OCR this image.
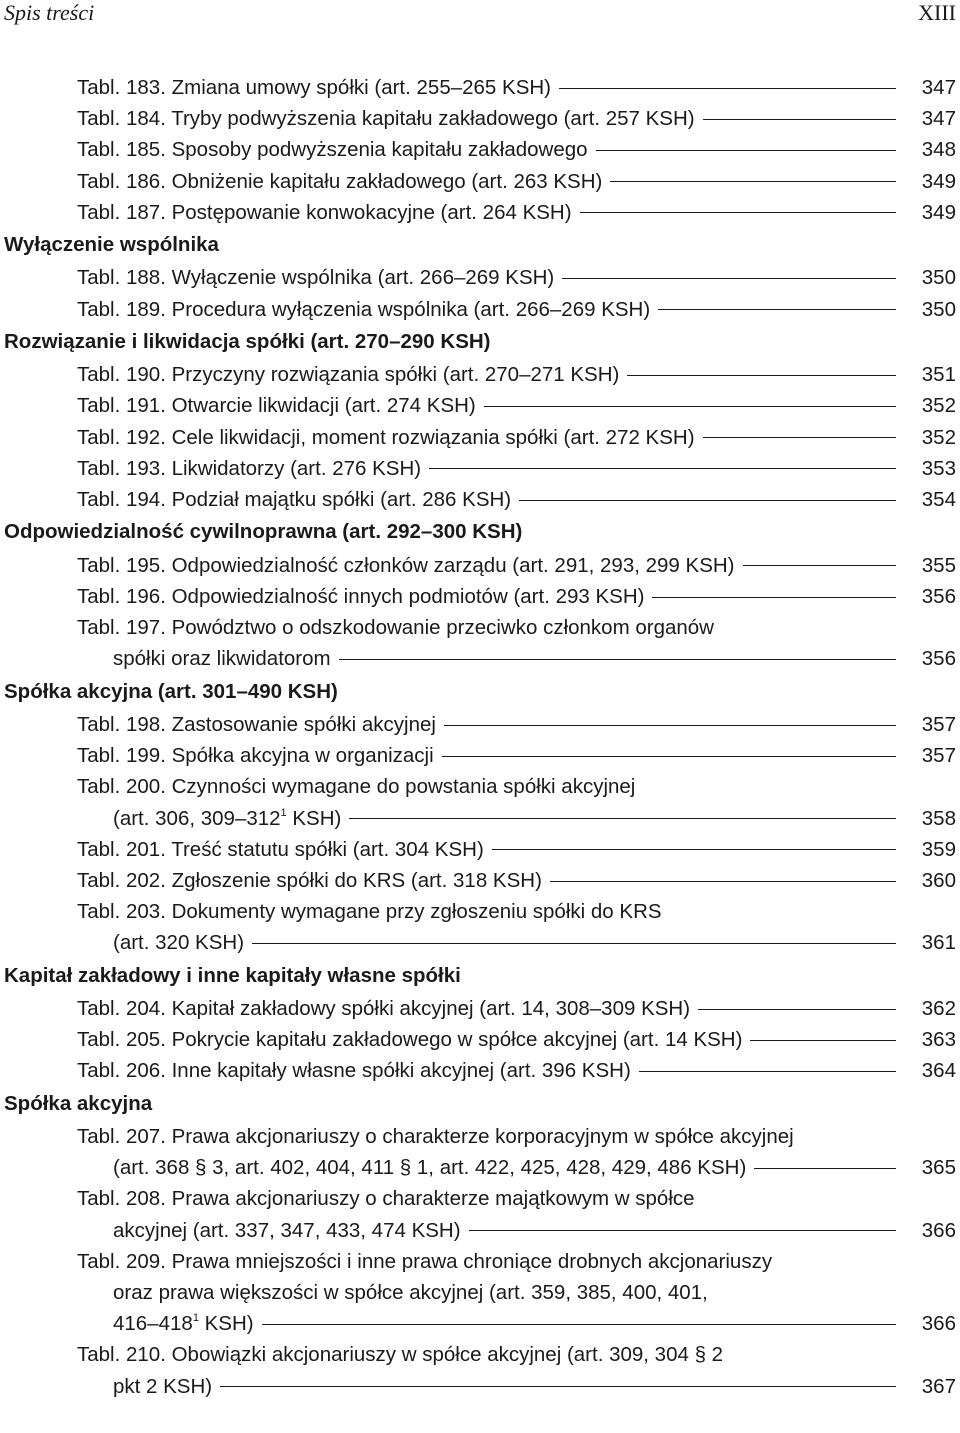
Spis treści	XIII
Tabl. 183. Zmiana umowy spółki (art. 255–265 KSH)	347
Tabl. 184. Tryby podwyższenia kapitału zakładowego (art. 257 KSH)	347
Tabl. 185. Sposoby podwyższenia kapitału zakładowego	348
Tabl. 186. Obniżenie kapitału zakładowego (art. 263 KSH)	349
Tabl. 187. Postępowanie konwokacyjne (art. 264 KSH)	349
Wyłączenie wspólnika
Tabl. 188. Wyłączenie wspólnika (art. 266–269 KSH)	350
Tabl. 189. Procedura wyłączenia wspólnika (art. 266–269 KSH)	350
Rozwiązanie i likwidacja spółki (art. 270–290 KSH)
Tabl. 190. Przyczyny rozwiązania spółki (art. 270–271 KSH)	351
Tabl. 191. Otwarcie likwidacji (art. 274 KSH)	352
Tabl. 192. Cele likwidacji, moment rozwiązania spółki (art. 272 KSH)	352
Tabl. 193. Likwidatorzy (art. 276 KSH)	353
Tabl. 194. Podział majątku spółki (art. 286 KSH)	354
Odpowiedzialność cywilnoprawna (art. 292–300 KSH)
Tabl. 195. Odpowiedzialność członków zarządu (art. 291, 293, 299 KSH)	355
Tabl. 196. Odpowiedzialność innych podmiotów (art. 293 KSH)	356
Tabl. 197. Powództwo o odszkodowanie przeciwko członkom organów
spółki oraz likwidatorom	356
Spółka akcyjna (art. 301–490 KSH)
Tabl. 198. Zastosowanie spółki akcyjnej	357
Tabl. 199. Spółka akcyjna w organizacji	357
Tabl. 200. Czynności wymagane do powstania spółki akcyjnej
(art. 306, $309-312^1$ KSH)	358
Tabl. 201. Treść statutu spółki (art. 304 KSH)	359
Tabl. 202. Zgłoszenie spółki do KRS (art. 318 KSH)	360
Tabl. 203. Dokumenty wymagane przy zgłoszeniu spółki do KRS
(art. 320 KSH)	361
Kapitał zakładowy i inne kapitały własne spółki
Tabl. 204. Kapitał zakładowy spółki akcyjnej (art. 14, 308–309 KSH)	362
Tabl. 205. Pokrycie kapitału zakładowego w spółce akcyjnej (art. 14 KSH)	363
Tabl. 206. Inne kapitały własne spółki akcyjnej (art. 396 KSH)	364
Spółka akcyjna
Tabl. 207. Prawa akcjonariuszy o charakterze korporacyjnym w spółce akcyjnej
(art. 368 § 3, art. 402, 404, 411 § 1, art. 422, 425, 428, 429, 486 KSH)	365
Tabl. 208. Prawa akcjonariuszy o charakterze majątkowym w spółce
akcyjnej (art. 337, 347, 433, 474 KSH)	366
Tabl. 209. Prawa mniejszości i inne prawa chroniące drobnych akcjonariuszy
oraz prawa większości w spółce akcyjnej (art. 359, 385, 400, 401,
$416-418^1$ KSH)	366
Tabl. 210. Obowiązki akcjonariuszy w spółce akcyjnej (art. 309, 304 § 2
pkt 2 KSH)	367
